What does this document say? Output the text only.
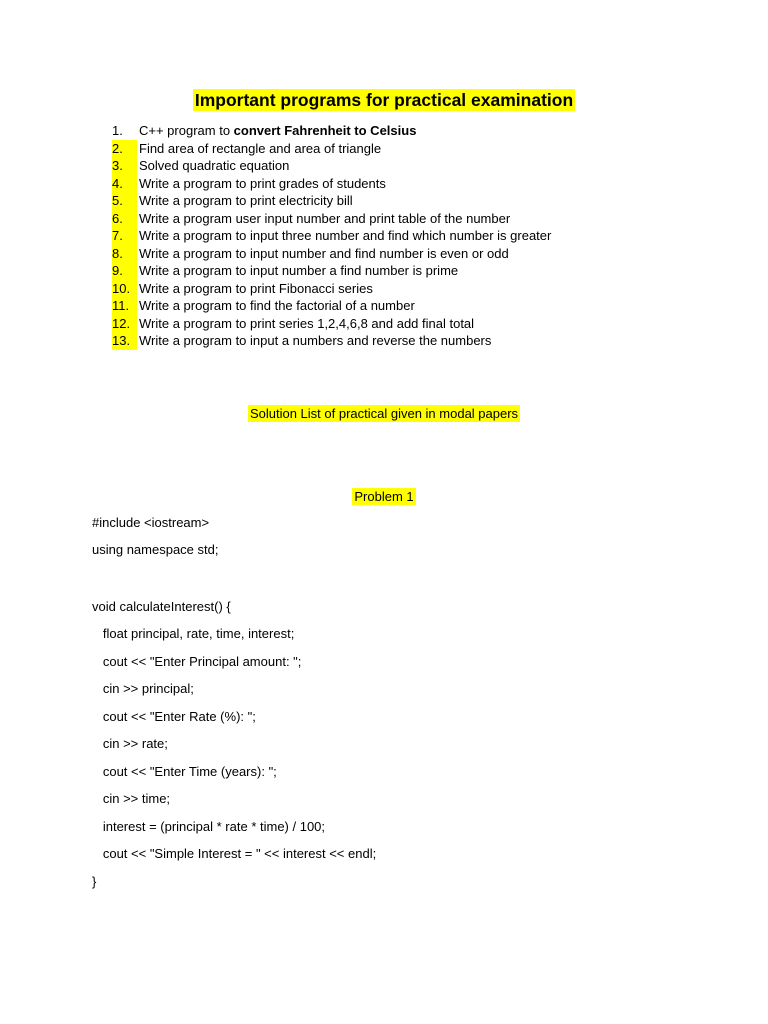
Important programs for practical examination
1.	C++ program to convert Fahrenheit to Celsius
2.	Find area of rectangle and area of triangle
3.	Solved quadratic equation
4.	Write a program to print grades of students
5.	Write a program to print electricity bill
6.	Write a program user input number and print table of the number
7.	Write a program to input three number and find which number is greater
8.	Write a program to input number and find number is even or odd
9.	Write a program to input number a find number is prime
10. Write a program to print Fibonacci series
11. Write a program to find the factorial of a number
12. Write a program to print series 1,2,4,6,8 and add final total
13. Write a program to input a numbers and reverse the numbers
Solution List of practical given in modal papers
Problem 1
#include <iostream>
using namespace std;
void calculateInterest() {
float principal, rate, time, interest;
cout << "Enter Principal amount: ";
cin >> principal;
cout << "Enter Rate (%): ";
cin >> rate;
cout << "Enter Time (years): ";
cin >> time;
interest = (principal * rate * time) / 100;
cout << "Simple Interest = " << interest << endl;
}
